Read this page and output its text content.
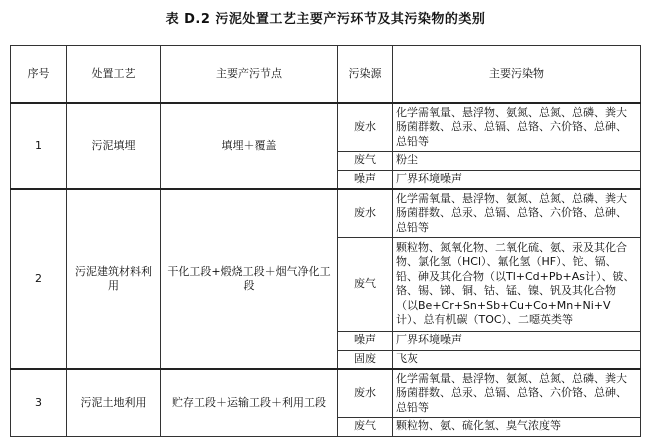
表 D.2 污泥处置工艺主要产污环节及其污染物的类别
序号	处置工艺	主要产污节点	污染源	主要污染物
1	污泥填埋	填埋＋覆盖	废水	化学需氧量、悬浮物、氨氮、总氮、总磷、粪大肠菌群数、总汞、总镉、总铬、六价铬、总砷、总铅等
			废气	粉尘
			噪声	厂界环境噪声
2	污泥建筑材料利用	干化工段+煅烧工段＋烟气净化工段	废水	化学需氧量、悬浮物、氨氮、总氮、总磷、粪大肠菌群数、总汞、总镉、总铬、六价铬、总砷、总铅等
			废气	颗粒物、氮氧化物、二氧化硫、氨、汞及其化合物、氯化氢（HCl）、氟化氢（HF）、铊、镉、铅、砷及其化合物（以Tl+Cd+Pb+As计）、铍、铬、锡、锑、铜、钴、锰、镍、钒及其化合物（以Be+Cr+Sn+Sb+Cu+Co+Mn+Ni+V计）、总有机碳（TOC）、二噁英类等
			噪声	厂界环境噪声
			固废	飞灰
3	污泥土地利用	贮存工段＋运输工段＋利用工段	废水	化学需氧量、悬浮物、氨氮、总氮、总磷、粪大肠菌群数、总汞、总镉、总铬、六价铬、总砷、总铅等
			废气	颗粒物、氨、硫化氢、臭气浓度等
